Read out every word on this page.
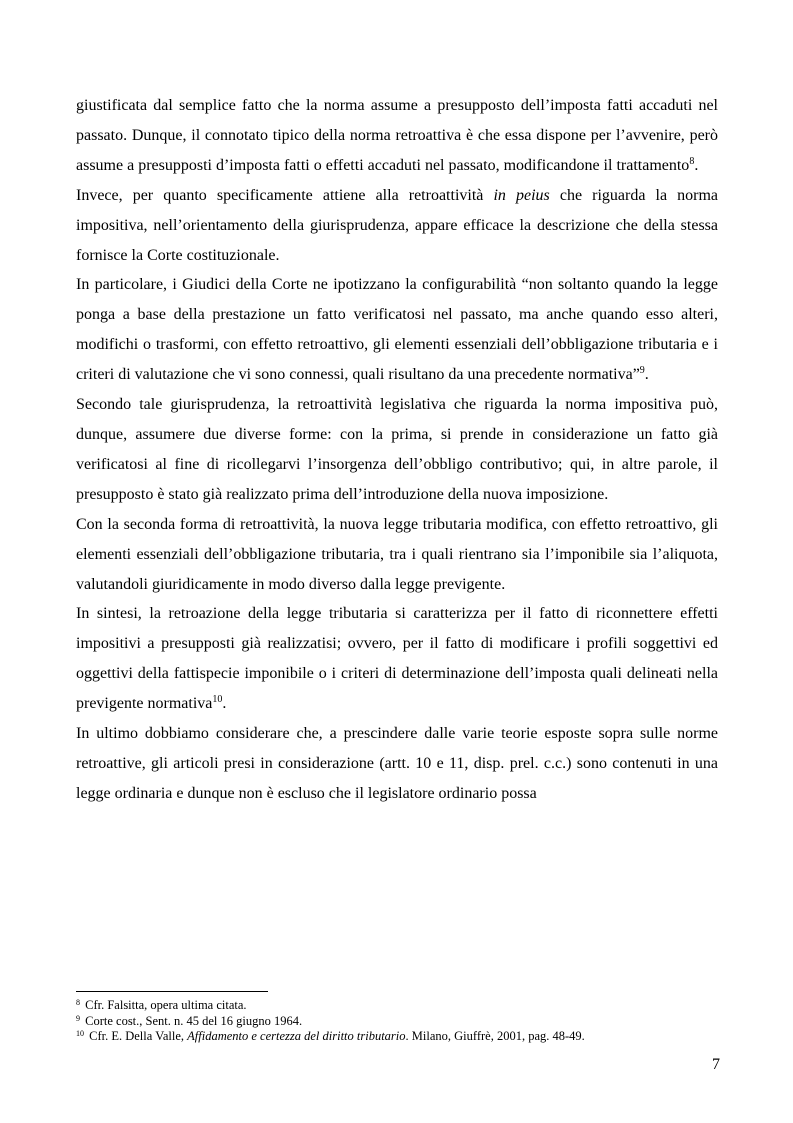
giustificata dal semplice fatto che la norma assume a presupposto dell’imposta fatti accaduti nel passato. Dunque, il connotato tipico della norma retroattiva è che essa dispone per l’avvenire, però assume a presupposti d’imposta fatti o effetti accaduti nel passato, modificandone il trattamento$^8$.

Invece, per quanto specificamente attiene alla retroattività in peius che riguarda la norma impositiva, nell’orientamento della giurisprudenza, appare efficace la descrizione che della stessa fornisce la Corte costituzionale.

In particolare, i Giudici della Corte ne ipotizzano la configurabilità “non soltanto quando la legge ponga a base della prestazione un fatto verificatosi nel passato, ma anche quando esso alteri, modifichi o trasformi, con effetto retroattivo, gli elementi essenziali dell’obbligazione tributaria e i criteri di valutazione che vi sono connessi, quali risultano da una precedente normativa”$^9$.

Secondo tale giurisprudenza, la retroattività legislativa che riguarda la norma impositiva può, dunque, assumere due diverse forme: con la prima, si prende in considerazione un fatto già verificatosi al fine di ricollegarvi l’insorgenza dell’obbligo contributivo; qui, in altre parole, il presupposto è stato già realizzato prima dell’introduzione della nuova imposizione.

Con la seconda forma di retroattività, la nuova legge tributaria modifica, con effetto retroattivo, gli elementi essenziali dell’obbligazione tributaria, tra i quali rientrano sia l’imponibile sia l’aliquota, valutandoli giuridicamente in modo diverso dalla legge previgente.

In sintesi, la retroazione della legge tributaria si caratterizza per il fatto di riconnettere effetti impositivi a presupposti già realizzatisi; ovvero, per il fatto di modificare i profili soggettivi ed oggettivi della fattispecie imponibile o i criteri di determinazione dell’imposta quali delineati nella previgente normativa$^{10}$.

In ultimo dobbiamo considerare che, a prescindere dalle varie teorie esposte sopra sulle norme retroattive, gli articoli presi in considerazione (artt. 10 e 11, disp. prel. c.c.) sono contenuti in una legge ordinaria e dunque non è escluso che il legislatore ordinario possa

$^8$ Cfr. Falsitta, opera ultima citata.
$^9$ Corte cost., Sent. n. 45 del 16 giugno 1964.
$^{10}$ Cfr. E. Della Valle, Affidamento e certezza del diritto tributario. Milano, Giuffrè, 2001, pag. 48-49.
7
